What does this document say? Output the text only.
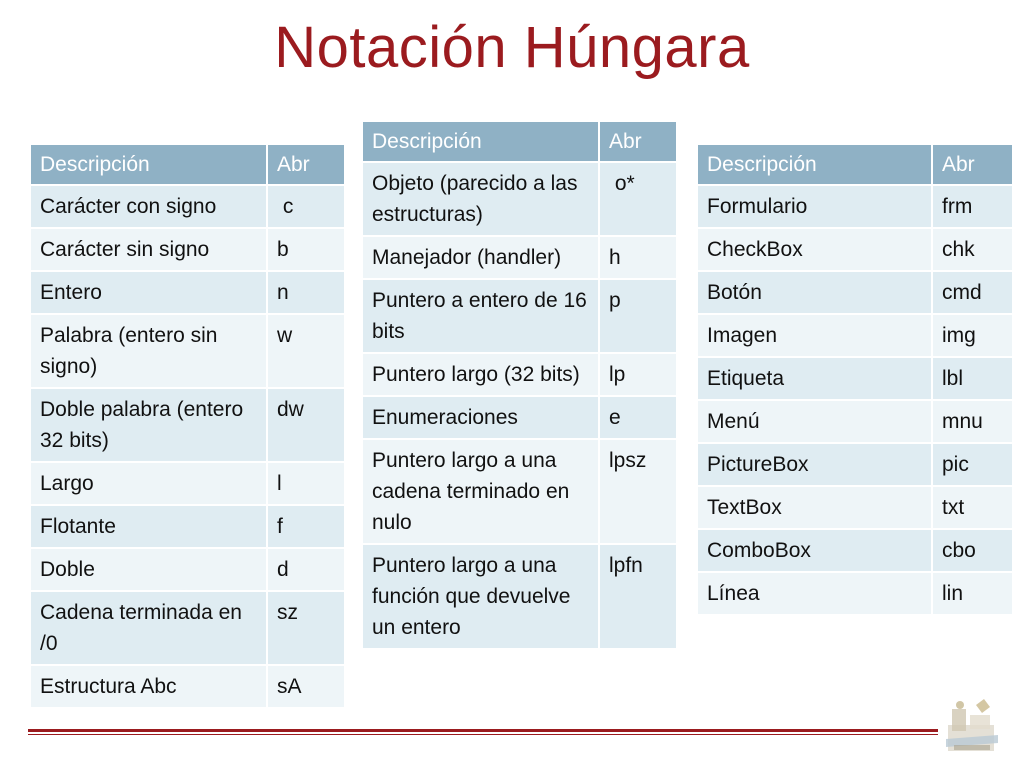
Notación Húngara
Descripción	Abr
Carácter con signo	c
Carácter sin signo	b
Entero	n
Palabra (entero sin signo)	w
Doble palabra (entero 32 bits)	dw
Largo	l
Flotante	f
Doble	d
Cadena terminada en /0	sz
Estructura Abc	sA
Descripción	Abr
Objeto (parecido a las estructuras)	o*
Manejador (handler)	h
Puntero a entero de 16 bits	p
Puntero largo (32 bits)	lp
Enumeraciones	e
Puntero largo a una cadena terminado en nulo	lpsz
Puntero largo a una función que devuelve un entero	lpfn
Descripción	Abr
Formulario	frm
CheckBox	chk
Botón	cmd
Imagen	img
Etiqueta	lbl
Menú	mnu
PictureBox	pic
TextBox	txt
ComboBox	cbo
Línea	lin
